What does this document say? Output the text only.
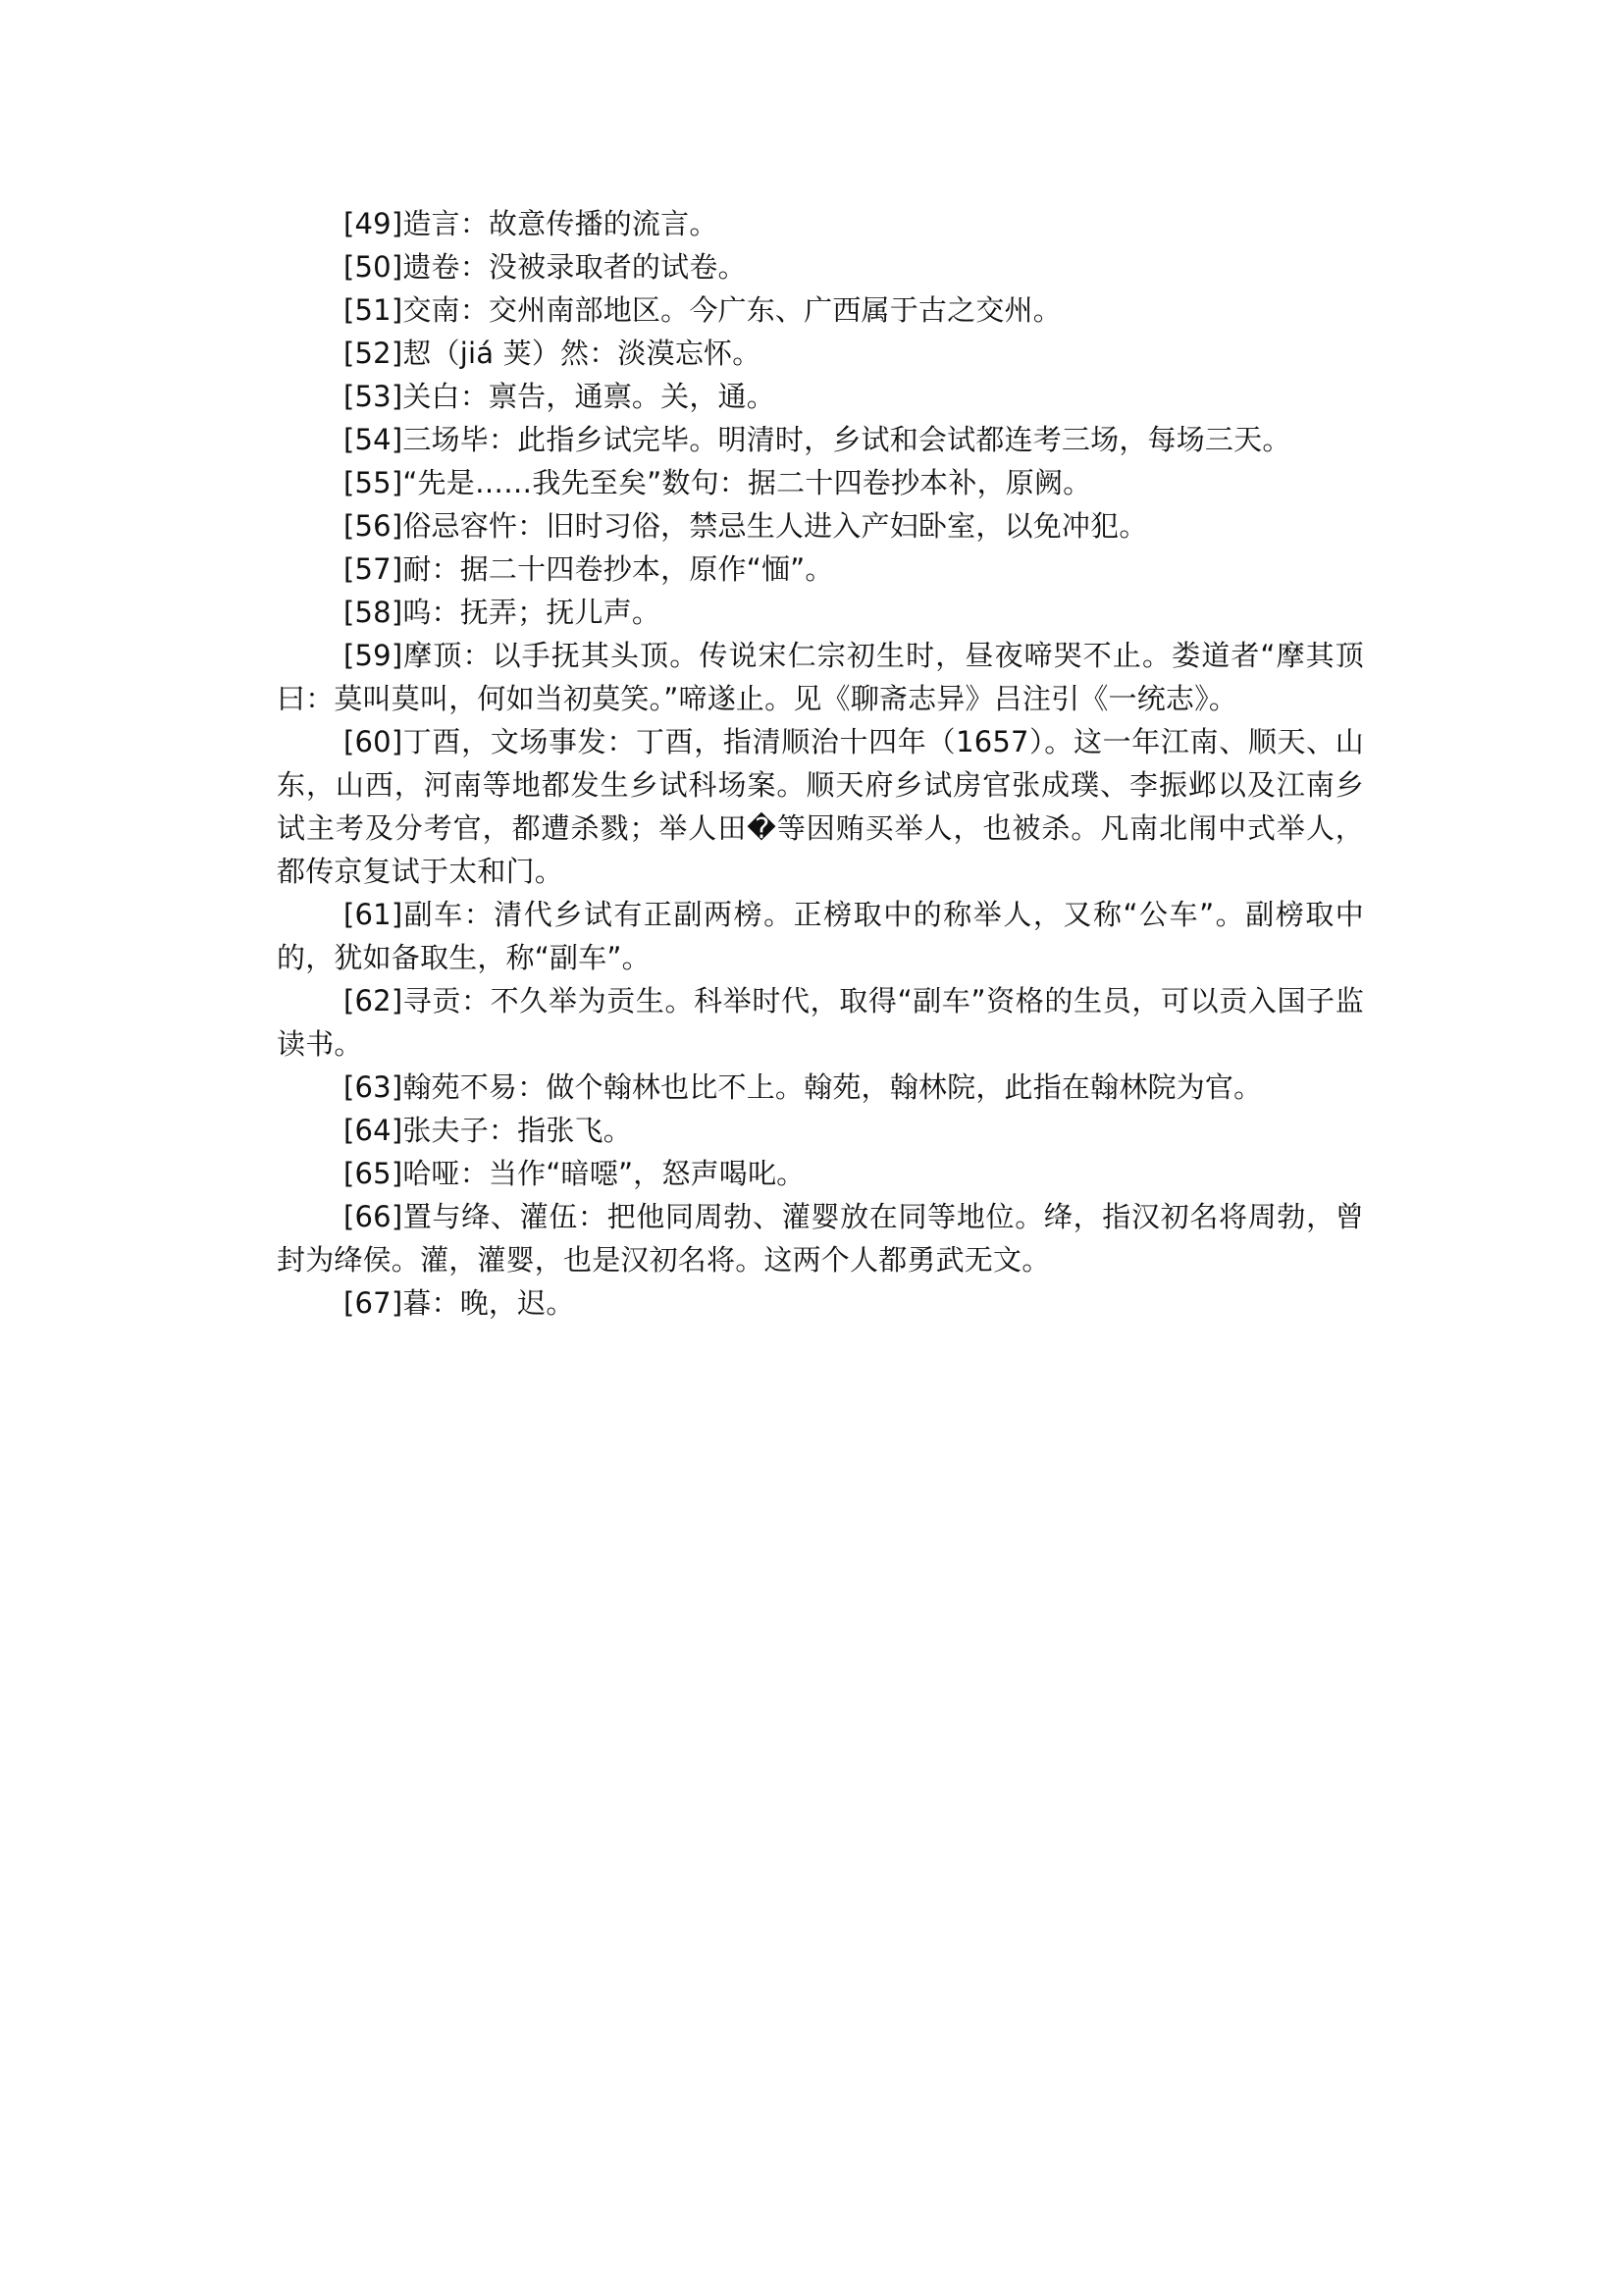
[49]造言：故意传播的流言。

[50]遗卷：没被录取者的试卷。

[51]交南：交州南部地区。今广东、广西属于古之交州。

[52]恝（jiá 荚）然：淡漠忘怀。

[53]关白：禀告，通禀。关，通。

[54]三场毕：此指乡试完毕。明清时，乡试和会试都连考三场，每场三天。

[55]“先是……我先至矣”数句：据二十四卷抄本补，原阙。

[56]俗忌容忤：旧时习俗，禁忌生人进入产妇卧室，以免冲犯。

[57]耐：据二十四卷抄本，原作“愐”。

[58]呜：抚弄；抚儿声。

[59]摩顶：以手抚其头顶。传说宋仁宗初生时，昼夜啼哭不止。娄道者“摩其顶曰：莫叫莫叫，何如当初莫笑。”啼遂止。见《聊斋志异》吕注引《一统志》。

[60]丁酉，文场事发：丁酉，指清顺治十四年（1657）。这一年江南、顺天、山东，山西，河南等地都发生乡试科场案。顺天府乡试房官张成璞、李振邺以及江南乡试主考及分考官，都遭杀戮；举人田�等因贿买举人，也被杀。凡南北闱中式举人，都传京复试于太和门。

[61]副车：清代乡试有正副两榜。正榜取中的称举人，又称“公车”。副榜取中的，犹如备取生，称“副车”。

[62]寻贡：不久举为贡生。科举时代，取得“副车”资格的生员，可以贡入国子监读书。

[63]翰苑不易：做个翰林也比不上。翰苑，翰林院，此指在翰林院为官。

[64]张夫子：指张飞。

[65]哈哑：当作“暗噁”，怒声喝叱。

[66]置与绛、灌伍：把他同周勃、灌婴放在同等地位。绛，指汉初名将周勃，曾封为绛侯。灌，灌婴，也是汉初名将。这两个人都勇武无文。

[67]暮：晚，迟。
